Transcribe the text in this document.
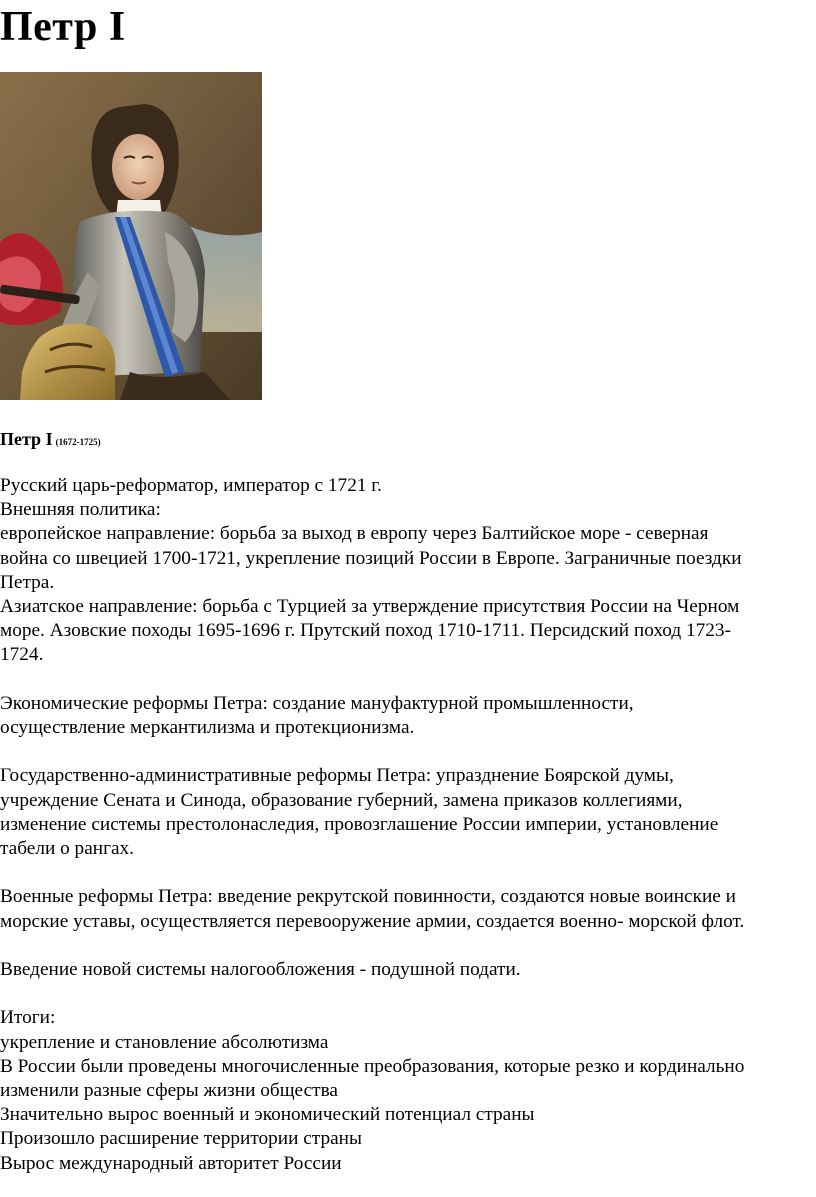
Петр I
Петр I (1672-1725)
Русский царь-реформатор, император с 1721 г.
Внешняя политика:
европейское направление: борьба за выход в европу через Балтийское море - северная
война со швецией 1700-1721, укрепление позиций России в Европе. Заграничные поездки
Петра.
Азиатское направление: борьба с Турцией за утверждение присутствия России на Черном
море. Азовские походы 1695-1696 г. Прутский поход 1710-1711. Персидский поход 1723-
1724.
Экономические реформы Петра: создание мануфактурной промышленности,
осуществление меркантилизма и протекционизма.
Государственно-административные реформы Петра: упразднение Боярской думы,
учреждение Сената и Синода, образование губерний, замена приказов коллегиями,
изменение системы престолонаследия, провозглашение России империи, установление
табели о рангах.
Военные реформы Петра: введение рекрутской повинности, создаются новые воинские и
морские уставы, осуществляется перевооружение армии, создается военно- морской флот.
Введение новой системы налогообложения - подушной подати.
Итоги:
укрепление и становление абсолютизма
В России были проведены многочисленные преобразования, которые резко и кординально
изменили разные сферы жизни общества
Значительно вырос военный и экономический потенциал страны
Произошло расширение территории страны
Вырос международный авторитет России
